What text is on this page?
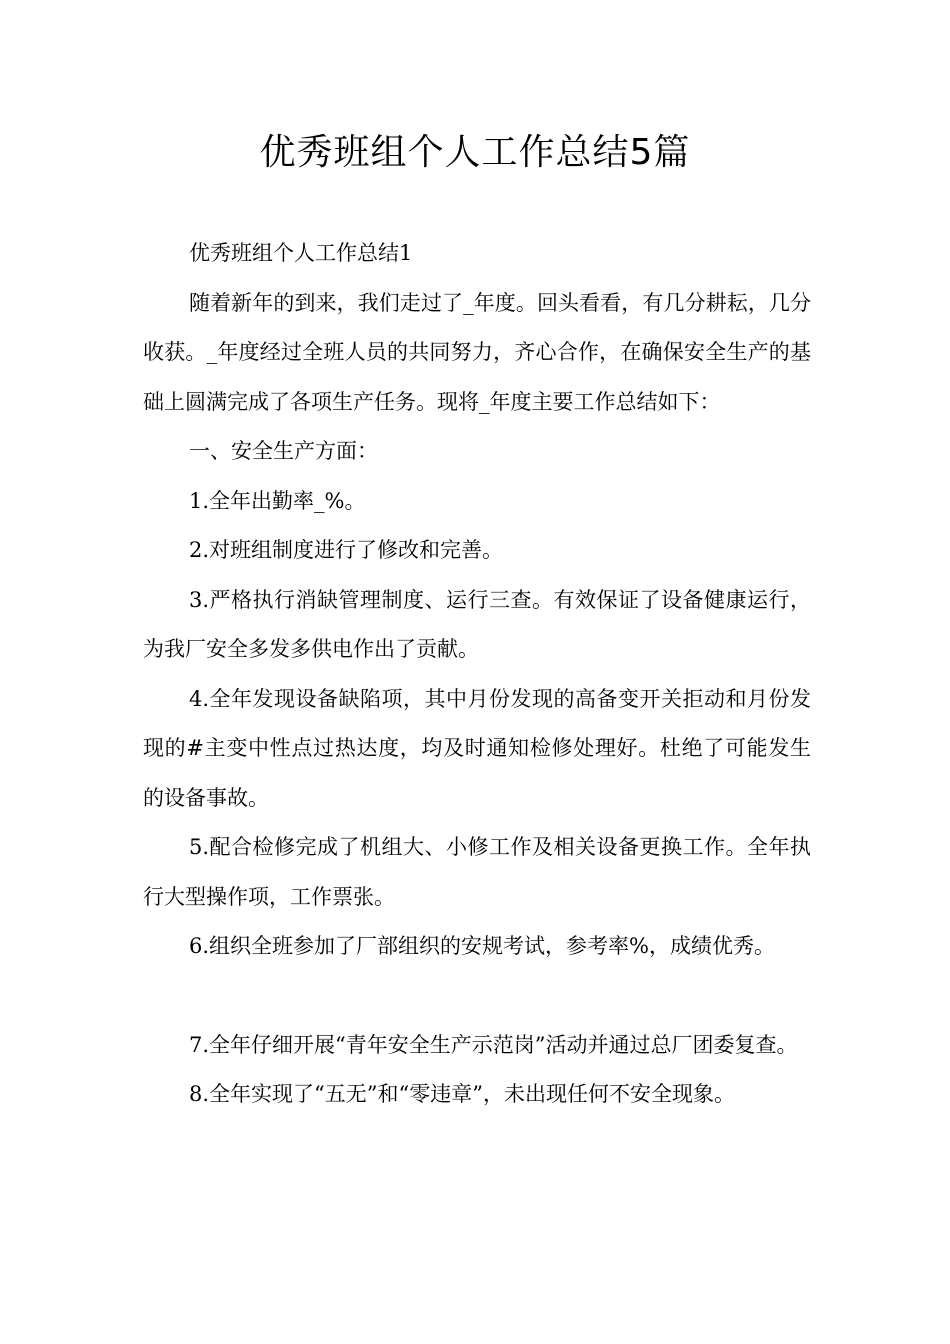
优秀班组个人工作总结5篇

优秀班组个人工作总结1

随着新年的到来，我们走过了_年度。回头看看，有几分耕耘，几分收获。_年度经过全班人员的共同努力，齐心合作，在确保安全生产的基础上圆满完成了各项生产任务。现将_年度主要工作总结如下：

一、安全生产方面：

1.全年出勤率_%。

2.对班组制度进行了修改和完善。

3.严格执行消缺管理制度、运行三查。有效保证了设备健康运行，为我厂安全多发多供电作出了贡献。

4.全年发现设备缺陷项，其中月份发现的高备变开关拒动和月份发现的#主变中性点过热达度，均及时通知检修处理好。杜绝了可能发生的设备事故。

5.配合检修完成了机组大、小修工作及相关设备更换工作。全年执行大型操作项，工作票张。

6.组织全班参加了厂部组织的安规考试，参考率%，成绩优秀。

7.全年仔细开展“青年安全生产示范岗”活动并通过总厂团委复查。

8.全年实现了“五无”和“零违章”，未出现任何不安全现象。
